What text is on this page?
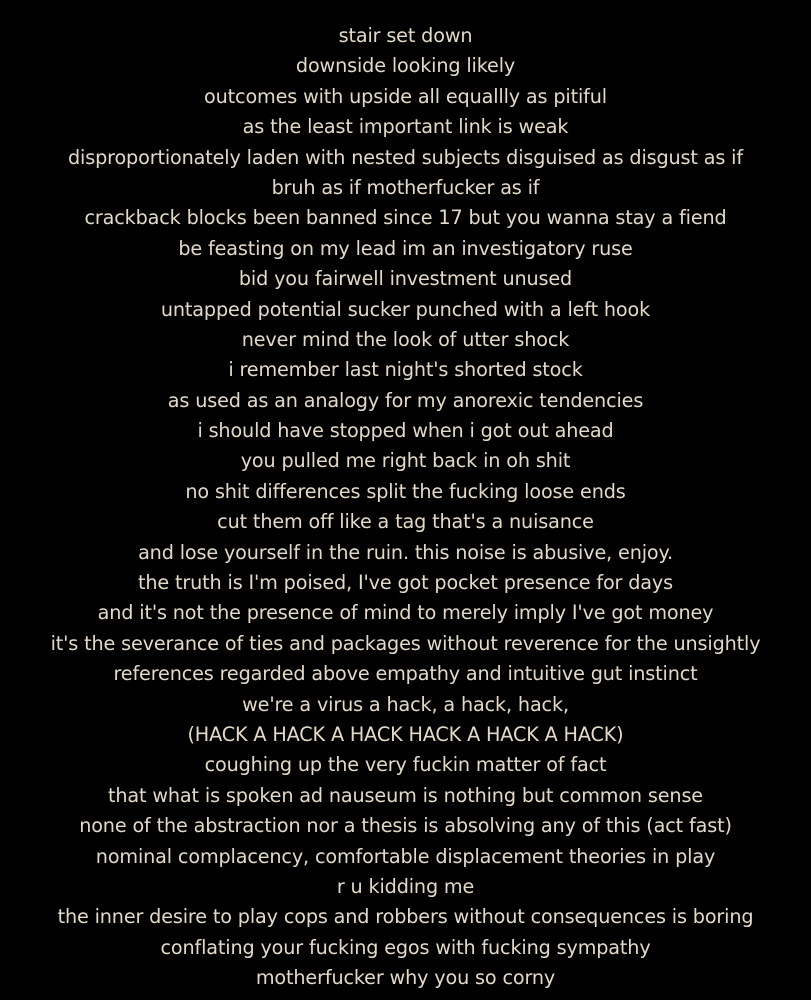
stair set down
downside looking likely
outcomes with upside all equallly as pitiful
as the least important link is weak
disproportionately laden with nested subjects disguised as disgust as if
bruh as if motherfucker as if
crackback blocks been banned since 17 but you wanna stay a fiend
be feasting on my lead im an investigatory ruse
bid you fairwell investment unused
untapped potential sucker punched with a left hook
never mind the look of utter shock
i remember last night's shorted stock
as used as an analogy for my anorexic tendencies
i should have stopped when i got out ahead
you pulled me right back in oh shit
no shit differences split the fucking loose ends
cut them off like a tag that's a nuisance
and lose yourself in the ruin. this noise is abusive, enjoy.
the truth is I'm poised, I've got pocket presence for days
and it's not the presence of mind to merely imply I've got money
it's the severance of ties and packages without reverence for the unsightly
references regarded above empathy and intuitive gut instinct
we're a virus a hack, a hack, hack,
(HACK A HACK A HACK HACK A HACK A HACK)
coughing up the very fuckin matter of fact
that what is spoken ad nauseum is nothing but common sense
none of the abstraction nor a thesis is absolving any of this (act fast)
nominal complacency, comfortable displacement theories in play
r u kidding me
the inner desire to play cops and robbers without consequences is boring
conflating your fucking egos with fucking sympathy
motherfucker why you so corny
